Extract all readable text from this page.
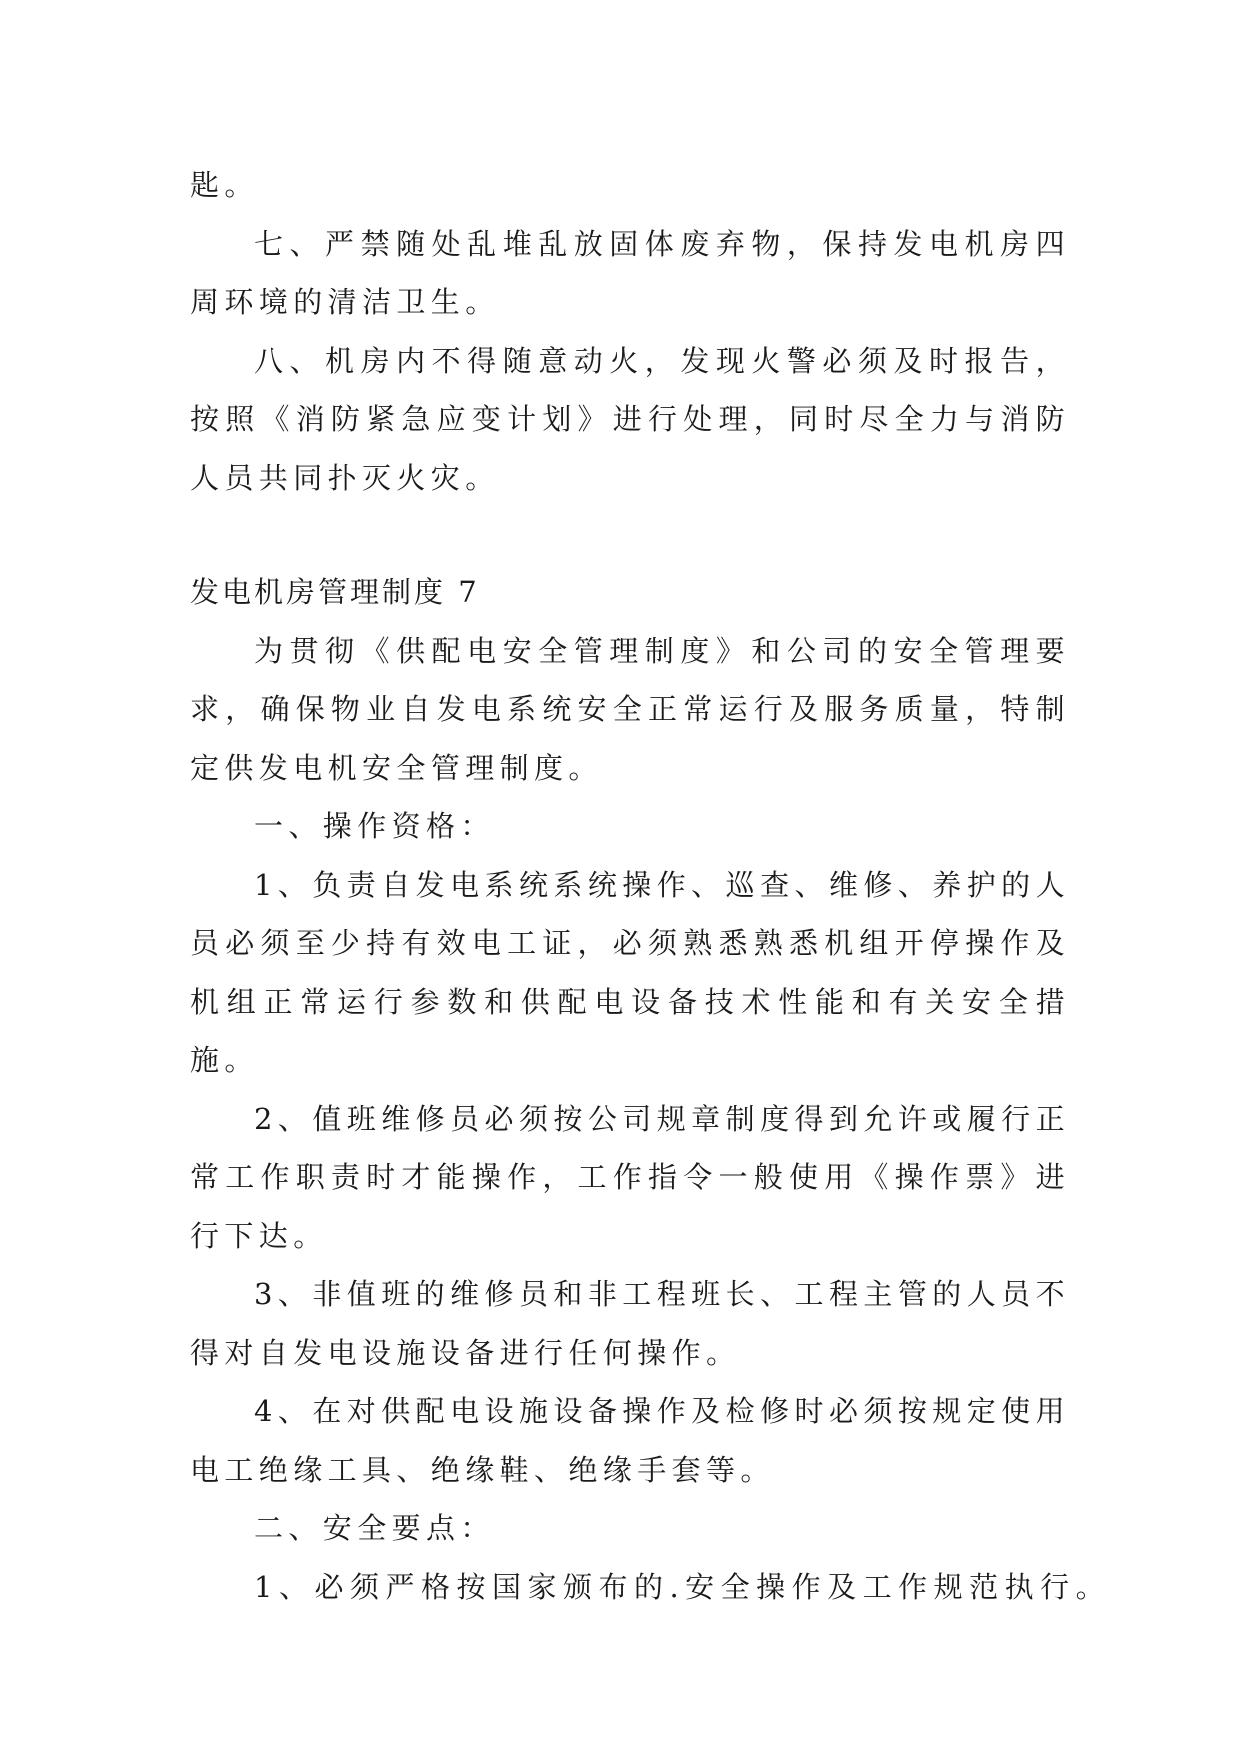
匙。

七、严禁随处乱堆乱放固体废弃物，保持发电机房四周环境的清洁卫生。

八、机房内不得随意动火，发现火警必须及时报告，按照《消防紧急应变计划》进行处理，同时尽全力与消防人员共同扑灭火灾。

发电机房管理制度 7

为贯彻《供配电安全管理制度》和公司的安全管理要求，确保物业自发电系统安全正常运行及服务质量，特制定供发电机安全管理制度。

一、操作资格：

1、负责自发电系统系统操作、巡查、维修、养护的人员必须至少持有效电工证，必须熟悉熟悉机组开停操作及机组正常运行参数和供配电设备技术性能和有关安全措施。

2、值班维修员必须按公司规章制度得到允许或履行正常工作职责时才能操作，工作指令一般使用《操作票》进行下达。

3、非值班的维修员和非工程班长、工程主管的人员不得对自发电设施设备进行任何操作。

4、在对供配电设施设备操作及检修时必须按规定使用电工绝缘工具、绝缘鞋、绝缘手套等。

二、安全要点：

1、必须严格按国家颁布的.安全操作及工作规范执行。
